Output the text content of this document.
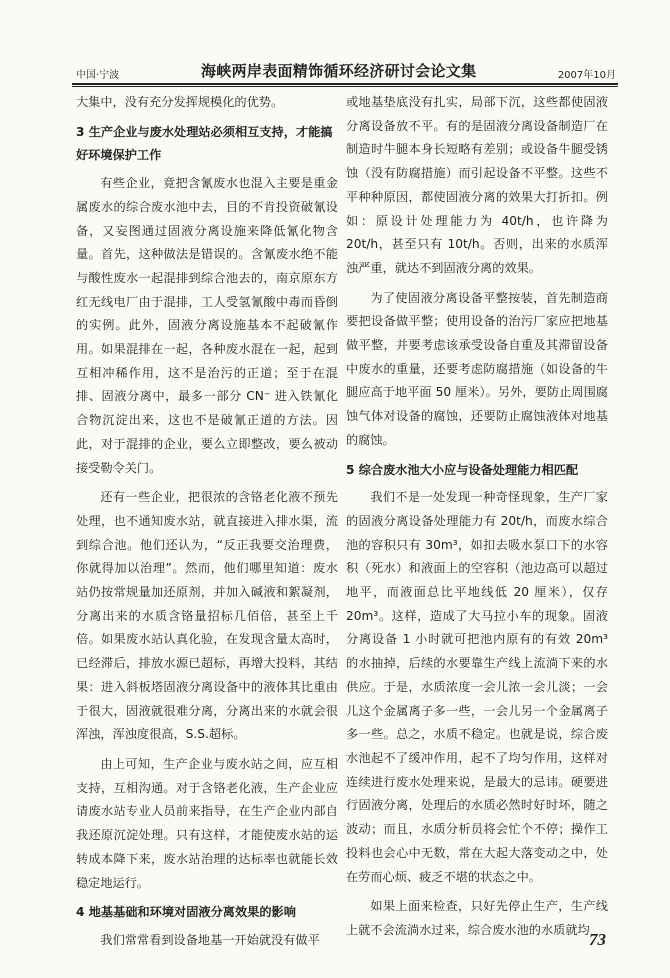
中国·宁波	海峡两岸表面精饰循环经济研讨会论文集	2007年10月

大集中，没有充分发挥规模化的优势。

3 生产企业与废水处理站必须相互支持，才能搞好环境保护工作

有些企业，竟把含氰废水也混入主要是重金属废水的综合废水池中去，目的不肯投资破氰设备，又妄图通过固液分离设施来降低氰化物含量。首先，这种做法是错误的。含氰废水绝不能与酸性废水一起混排到综合池去的，南京原东方红无线电厂由于混排，工人受氢氰酸中毒而昏倒的实例。此外，固液分离设施基本不起破氰作用。如果混排在一起，各种废水混在一起，起到互相冲稀作用，这不是治污的正道；至于在混排、固液分离中，最多一部分 CN⁻ 进入铁氰化合物沉淀出来，这也不是破氰正道的方法。因此，对于混排的企业，要么立即整改，要么被动接受勒令关门。

还有一些企业，把很浓的含铬老化液不预先处理，也不通知废水站，就直接进入排水渠，流到综合池。他们还认为，“反正我要交治理费，你就得加以治理”。然而，他们哪里知道：废水站仍按常规量加还原剂，并加入碱液和絮凝剂，分离出来的水质含铬量招标几佰倍，甚至上千倍。如果废水站认真化验，在发现含量太高时，已经滞后，排放水源已超标，再增大投料，其结果：进入斜板塔固液分离设备中的液体其比重由于很大，固液就很难分离，分离出来的水就会很浑浊，浑浊度很高，S.S.超标。

由上可知，生产企业与废水站之间，应互相支持，互相沟通。对于含铬老化液，生产企业应请废水站专业人员前来指导，在生产企业内部自我还原沉淀处理。只有这样，才能使废水站的运转成本降下来，废水站治理的达标率也就能长效稳定地运行。

4 地基基础和环境对固液分离效果的影响

我们常常看到设备地基一开始就没有做平

或地基垫底没有扎实，局部下沉，这些都使固液分离设备放不平。有的是固液分离设备制造厂在制造时牛腿本身长短略有差别；或设备牛腿受锈蚀（没有防腐措施）而引起设备不平整。这些不平种种原因，都使固液分离的效果大打折扣。例如：原设计处理能力为 40t/h，也许降为 20t/h，甚至只有 10t/h。否则，出来的水质浑浊严重，就达不到固液分离的效果。

为了使固液分离设备平整按装，首先制造商要把设备做平整；使用设备的治污厂家应把地基做平整，并要考虑该承受设备自重及其滞留设备中废水的重量，还要考虑防腐措施（如设备的牛腿应高于地平面 50 厘米）。另外，要防止周围腐蚀气体对设备的腐蚀，还要防止腐蚀液体对地基的腐蚀。

5 综合废水池大小应与设备处理能力相匹配

我们不是一处发现一种奇怪现象，生产厂家的固液分离设备处理能力有 20t/h，而废水综合池的容积只有 30m³，如扣去吸水泵口下的水容积（死水）和液面上的空容积（池边高可以超过地平，而液面总比平地线低 20 厘米），仅存 20m³。这样，造成了大马拉小车的现象。固液分离设备 1 小时就可把池内原有的有效 20m³ 的水抽掉，后续的水要靠生产线上流淌下来的水供应。于是，水质浓度一会儿浓一会儿淡；一会儿这个金属离子多一些，一会儿另一个金属离子多一些。总之，水质不稳定。也就是说，综合废水池起不了缓冲作用，起不了均匀作用，这样对连续进行废水处理来说，是最大的忌讳。硬要进行固液分离，处理后的水质必然时好时坏，随之波动；而且，水质分析员将会忙个不停；操作工投料也会心中无数，常在大起大落变动之中，处在劳而心烦、疲乏不堪的状态之中。

如果上面来检查，只好先停止生产，生产线上就不会流淌水过来，综合废水池的水质就均

73
